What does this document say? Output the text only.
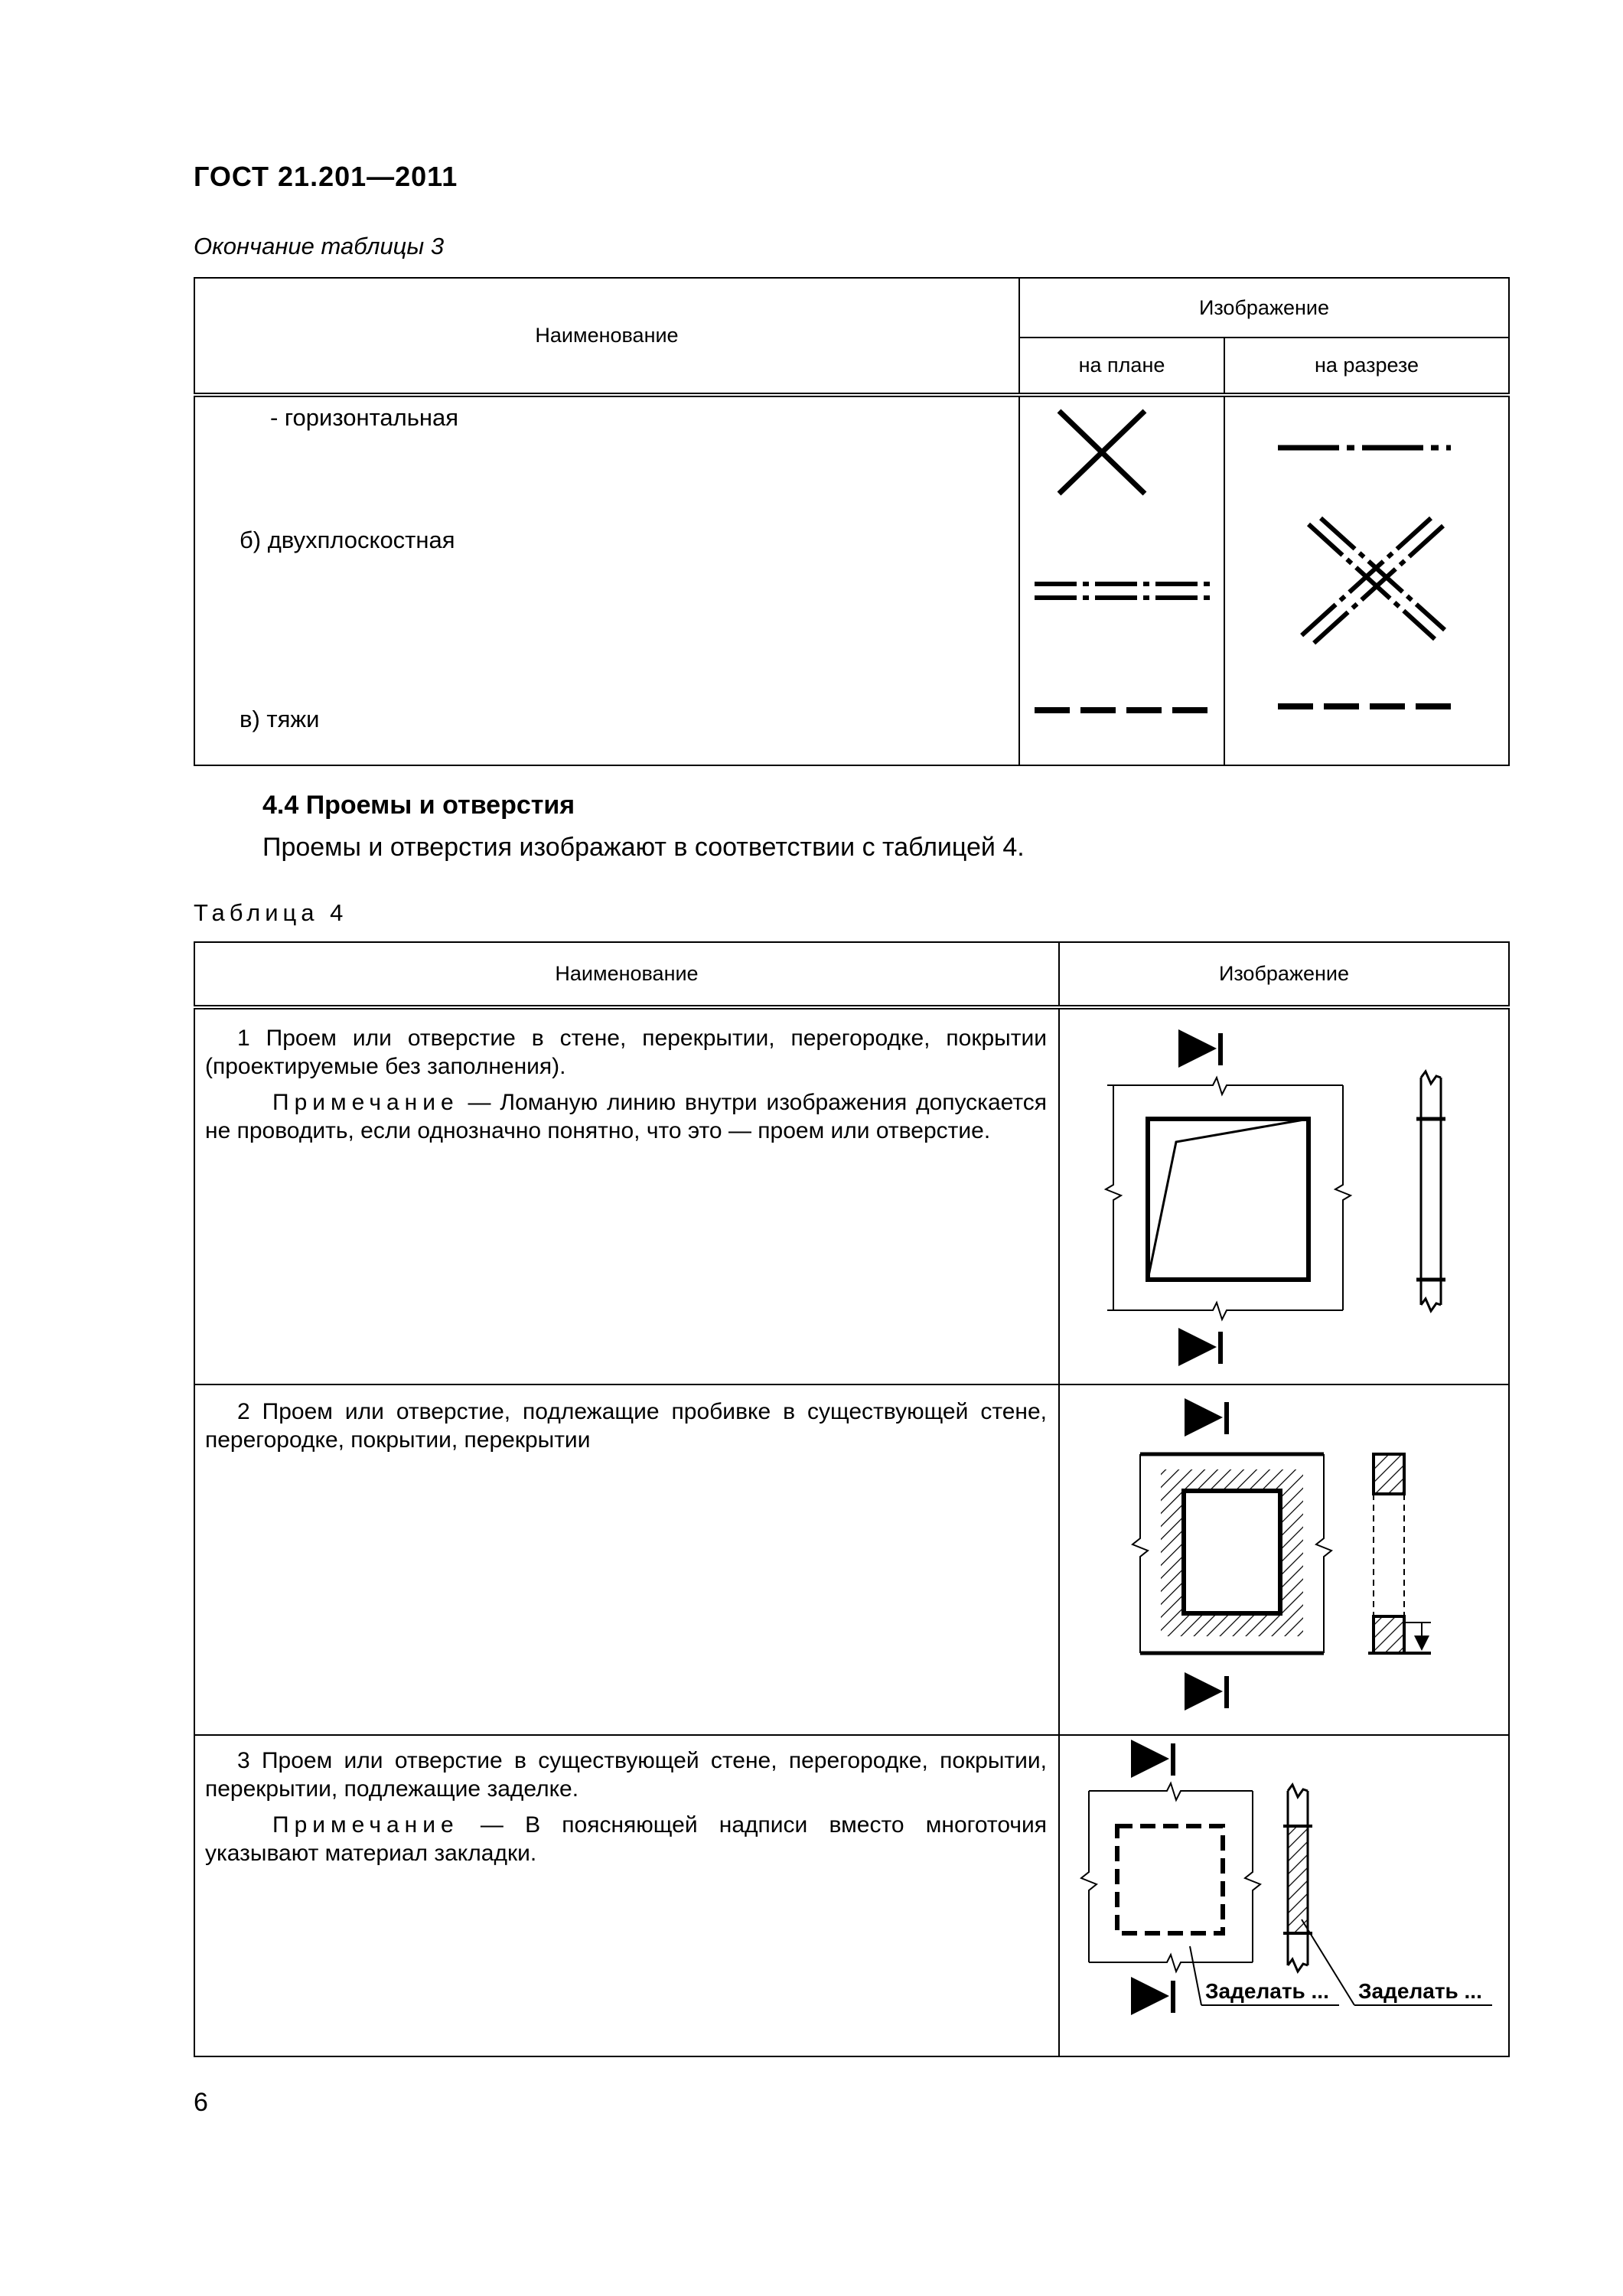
ГОСТ 21.201—2011
Окончание таблицы 3
Наименование	Изображение	
	на плане	на разрезе

- горизонтальная
б) двухплоскостная
в) тяжи
4.4 Проемы и отверстия
Проемы и отверстия изображают в соответствии с таблицей 4.
Таблица 4
Наименование	Изображение

1 Проем или отверстие в стене, перекрытии, перегородке, покрытии (проектируемые без заполнения).
Примечание — Ломаную линию внутри изображения допускается не проводить, если однозначно понятно, что это — проем или отверстие.
2 Проем или отверстие, подлежащие пробивке в существующей стене, перегородке, покрытии, перекрытии
3 Проем или отверстие в существующей стене, перегородке, покрытии, перекрытии, подлежащие заделке.
Примечание — В поясняющей надписи вместо многоточия указывают материал закладки.
Заделать ... Заделать ...
6
